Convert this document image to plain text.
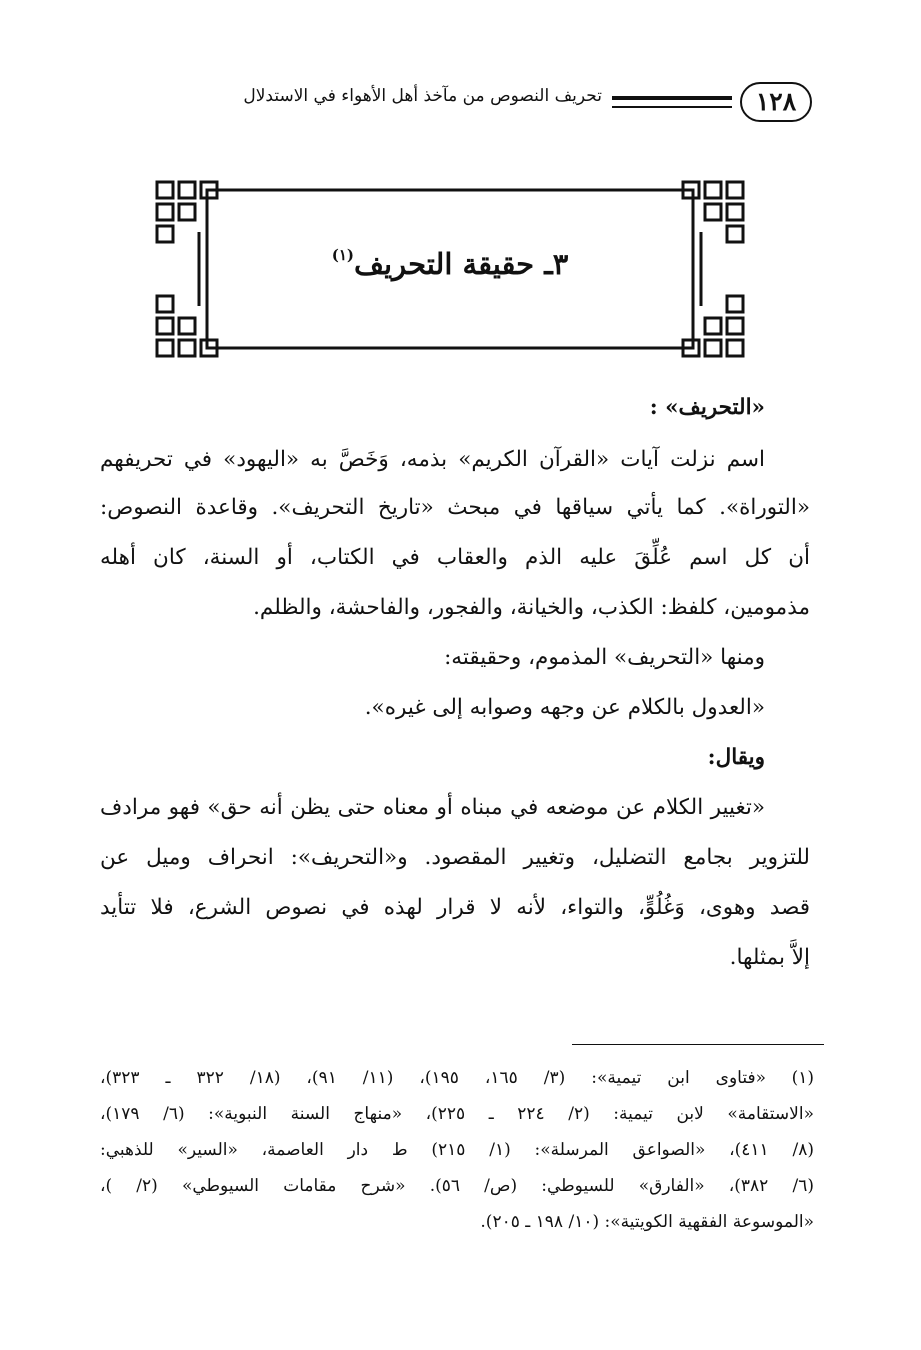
١٢٨
تحريف النصوص من مآخذ أهل الأهواء في الاستدلال
٣ـ حقيقة التحريف$^{(١)}$
«التحريف» :
اسم نزلت آيات «القرآن الكريم» بذمه، وَخَصَّ به «اليهود» في تحريفهم
«التوراة». كما يأتي سياقها في مبحث «تاريخ التحريف». وقاعدة النصوص:
أن كل اسم عُلِّقَ عليه الذم والعقاب في الكتاب، أو السنة، كان أهله
مذمومين، كلفظ: الكذب، والخيانة، والفجور، والفاحشة، والظلم.
ومنها «التحريف» المذموم، وحقيقته:
«العدول بالكلام عن وجهه وصوابه إلى غيره».
ويقال:
«تغيير الكلام عن موضعه في مبناه أو معناه حتى يظن أنه حق» فهو مرادف
للتزوير بجامع التضليل، وتغيير المقصود. و«التحريف»: انحراف وميل عن
قصد وهوى، وَغُلُوٍّ، والتواء، لأنه لا قرار لهذه في نصوص الشرع، فلا تتأيد
إلاَّ بمثلها.
(١)
«فتاوى ابن تيمية»: (٣/ ١٦٥، ١٩٥)، (١١/ ٩١)، (١٨/ ٣٢٢ ـ ٣٢٣)،
«الاستقامة» لابن تيمية: (٢/ ٢٢٤ ـ ٢٢٥)، «منهاج السنة النبوية»: (٦/ ١٧٩)،
(٨/ ٤١١)، «الصواعق المرسلة»: (١/ ٢١٥) ط دار العاصمة، «السير» للذهبي:
(٦/ ٣٨٢)، «الفارق» للسيوطي: (ص/ ٥٦). «شرح مقامات السيوطي» (٢/ )،
«الموسوعة الفقهية الكويتية»: (١٠/ ١٩٨ ـ ٢٠٥).
